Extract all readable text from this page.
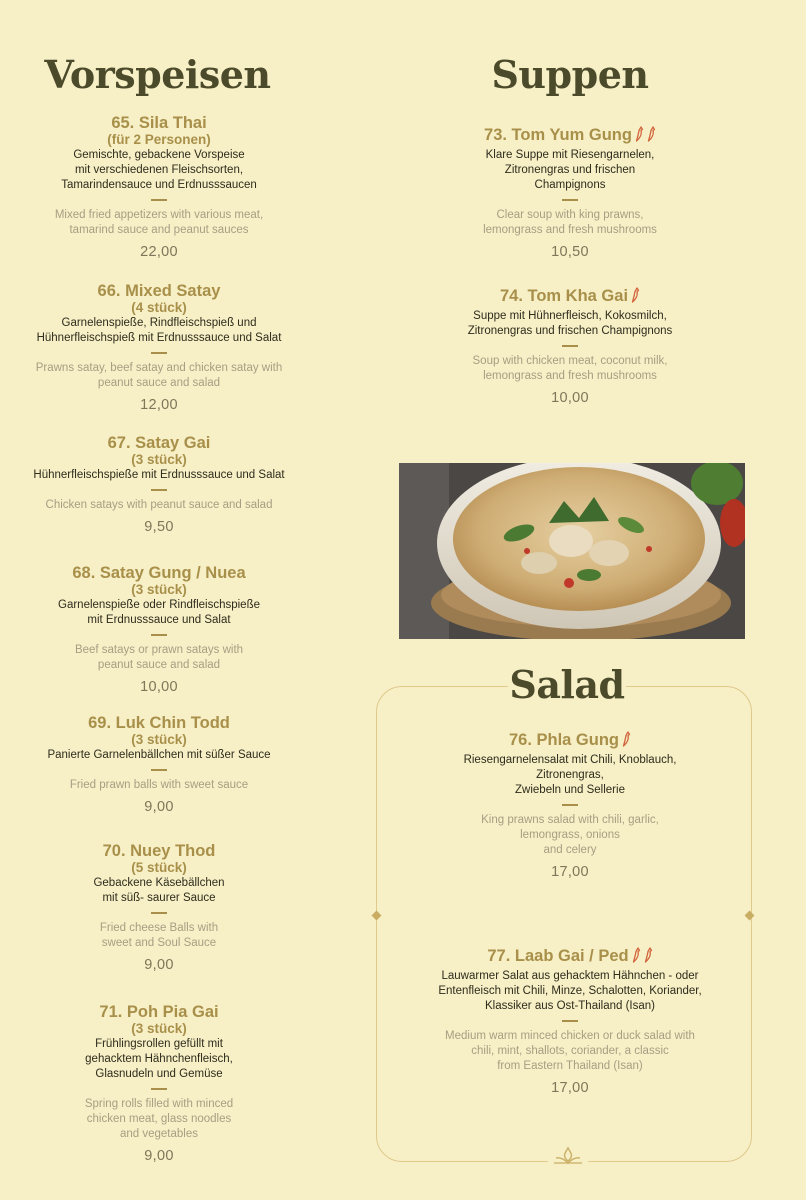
Vorspeisen	Suppen
65. Sila Thai
(für 2 Personen)
Gemischte, gebackene Vorspeise
mit verschiedenen Fleischsorten,
Tamarindensauce und Erdnusssaucen
Mixed fried appetizers with various meat,
tamarind sauce and peanut sauces
22,00
66. Mixed Satay
(4 stück)
Garnelenspieße, Rindfleischspieß und
Hühnerfleischspieß mit Erdnusssauce und Salat
Prawns satay, beef satay and chicken satay with
peanut sauce and salad
12,00
67. Satay Gai
(3 stück)
Hühnerfleischspieße mit Erdnusssauce und Salat
Chicken satays with peanut sauce and salad
9,50
68. Satay Gung / Nuea
(3 stück)
Garnelenspieße oder Rindfleischspieße
mit Erdnusssauce und Salat
Beef satays or prawn satays with
peanut sauce and salad
10,00
69. Luk Chin Todd
(3 stück)
Panierte Garnelenbällchen mit süßer Sauce
Fried prawn balls with sweet sauce
9,00
70. Nuey Thod
(5 stück)
Gebackene Käsebällchen
mit süß- saurer Sauce
Fried cheese Balls with
sweet and Soul Sauce
9,00
71. Poh Pia Gai
(3 stück)
Frühlingsrollen gefüllt mit
gehacktem Hähnchenfleisch,
Glasnudeln und Gemüse
Spring rolls filled with minced
chicken meat, glass noodles
and vegetables
9,00
73. Tom Yum Gung
Klare Suppe mit Riesengarnelen,
Zitronengras und frischen
Champignons
Clear soup with king prawns,
lemongrass and fresh mushrooms
10,50
74. Tom Kha Gai
Suppe mit Hühnerfleisch, Kokosmilch,
Zitronengras und frischen Champignons
Soup with chicken meat, coconut milk,
lemongrass and fresh mushrooms
10,00
Salad
76. Phla Gung
Riesengarnelensalat mit Chili, Knoblauch,
Zitronengras,
Zwiebeln und Sellerie
King prawns salad with chili, garlic,
lemongrass, onions
and celery
17,00
77. Laab Gai / Ped
Lauwarmer Salat aus gehacktem Hähnchen - oder
Entenfleisch mit Chili, Minze, Schalotten, Koriander,
Klassiker aus Ost-Thailand (Isan)
Medium warm minced chicken or duck salad with
chili, mint, shallots, coriander, a classic
from Eastern Thailand (Isan)
17,00
